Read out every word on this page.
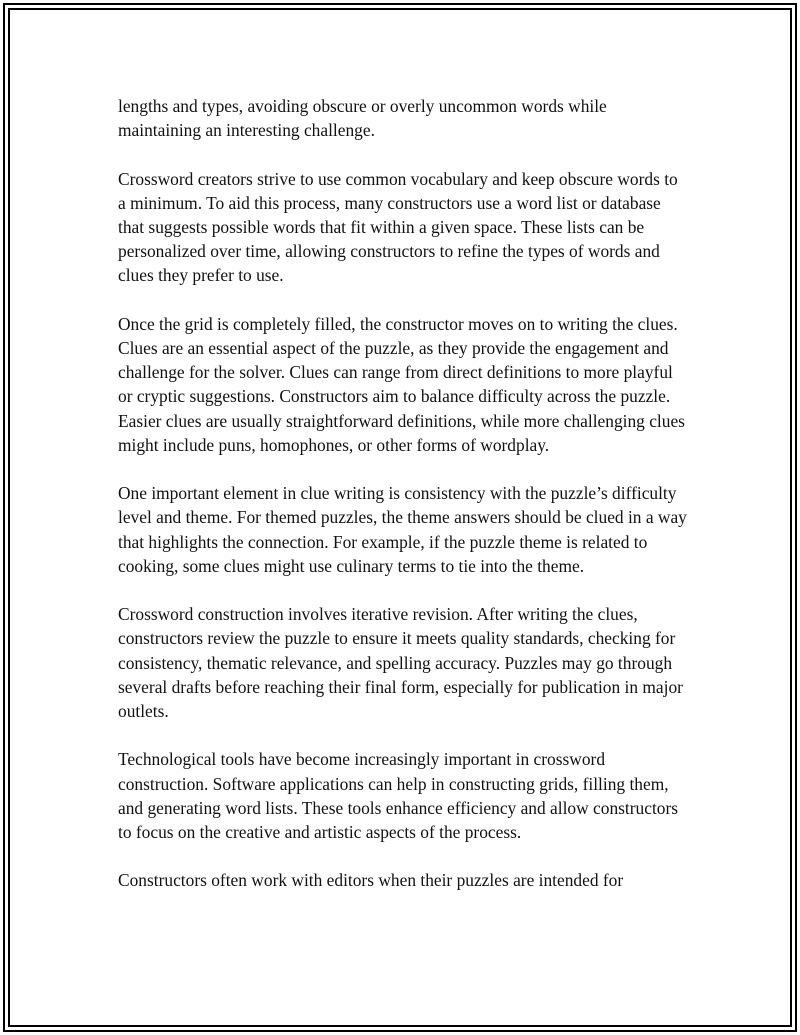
lengths and types, avoiding obscure or overly uncommon words while maintaining an interesting challenge.

Crossword creators strive to use common vocabulary and keep obscure words to a minimum. To aid this process, many constructors use a word list or database that suggests possible words that fit within a given space. These lists can be personalized over time, allowing constructors to refine the types of words and clues they prefer to use.

Once the grid is completely filled, the constructor moves on to writing the clues. Clues are an essential aspect of the puzzle, as they provide the engagement and challenge for the solver. Clues can range from direct definitions to more playful or cryptic suggestions. Constructors aim to balance difficulty across the puzzle. Easier clues are usually straightforward definitions, while more challenging clues might include puns, homophones, or other forms of wordplay.

One important element in clue writing is consistency with the puzzle’s difficulty level and theme. For themed puzzles, the theme answers should be clued in a way that highlights the connection. For example, if the puzzle theme is related to cooking, some clues might use culinary terms to tie into the theme.

Crossword construction involves iterative revision. After writing the clues, constructors review the puzzle to ensure it meets quality standards, checking for consistency, thematic relevance, and spelling accuracy. Puzzles may go through several drafts before reaching their final form, especially for publication in major outlets.

Technological tools have become increasingly important in crossword construction. Software applications can help in constructing grids, filling them, and generating word lists. These tools enhance efficiency and allow constructors to focus on the creative and artistic aspects of the process.

Constructors often work with editors when their puzzles are intended for
